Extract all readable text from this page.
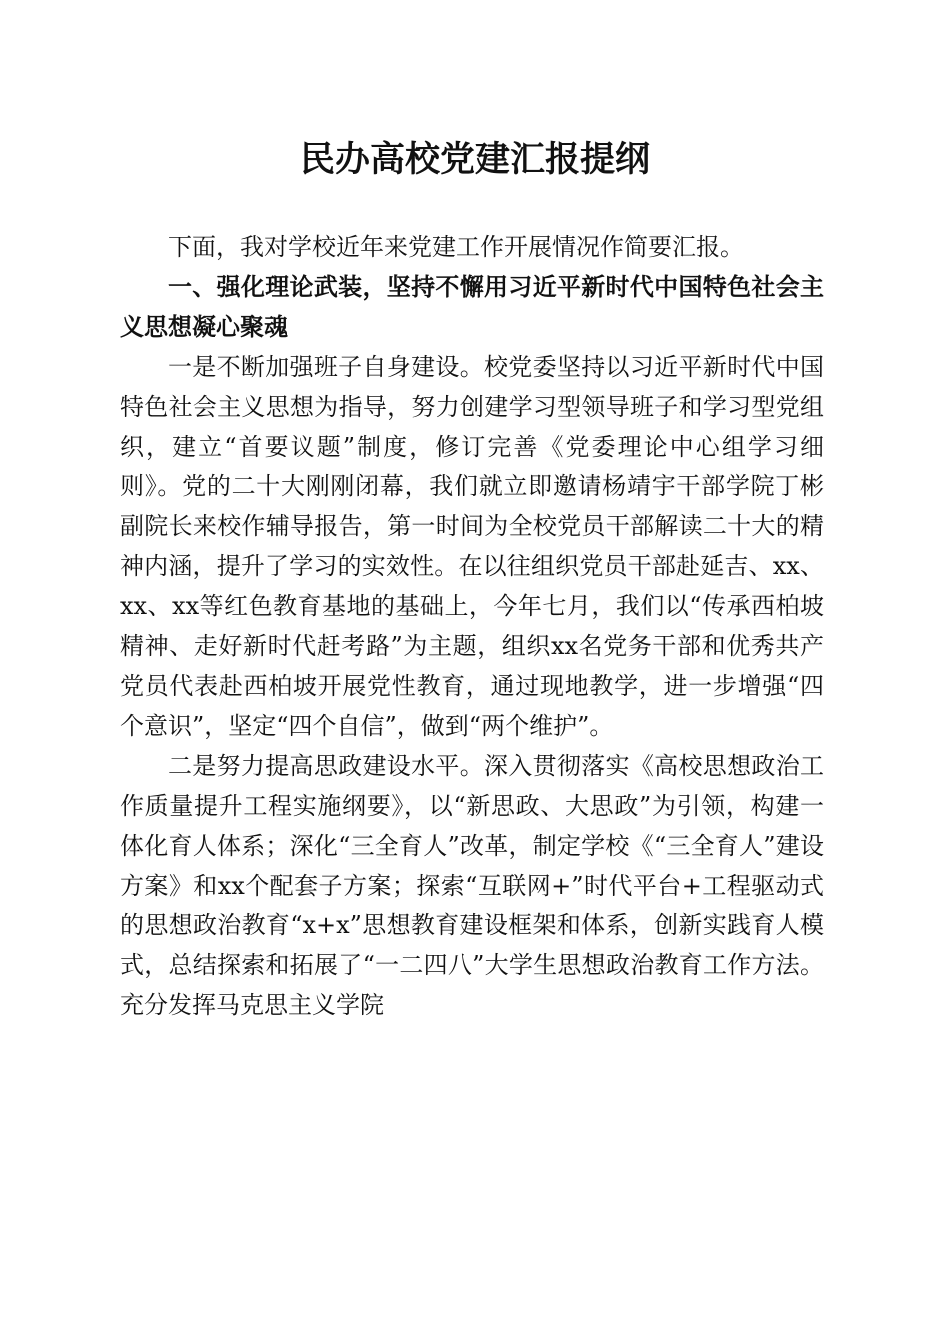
民办高校党建汇报提纲

下面，我对学校近年来党建工作开展情况作简要汇报。

一、强化理论武装，坚持不懈用习近平新时代中国特色社会主义思想凝心聚魂

一是不断加强班子自身建设。校党委坚持以习近平新时代中国特色社会主义思想为指导，努力创建学习型领导班子和学习型党组织，建立“首要议题”制度，修订完善《党委理论中心组学习细则》。党的二十大刚刚闭幕，我们就立即邀请杨靖宇干部学院丁彬副院长来校作辅导报告，第一时间为全校党员干部解读二十大的精神内涵，提升了学习的实效性。在以往组织党员干部赴延吉、xx、xx、xx等红色教育基地的基础上，今年七月，我们以“传承西柏坡精神、走好新时代赶考路”为主题，组织xx名党务干部和优秀共产党员代表赴西柏坡开展党性教育，通过现地教学，进一步增强“四个意识”，坚定“四个自信”，做到“两个维护”。

二是努力提高思政建设水平。深入贯彻落实《高校思想政治工作质量提升工程实施纲要》，以“新思政、大思政”为引领，构建一体化育人体系；深化“三全育人”改革，制定学校《“三全育人”建设方案》和xx个配套子方案；探索“互联网+”时代平台+工程驱动式的思想政治教育“x+x”思想教育建设框架和体系，创新实践育人模式，总结探索和拓展了“一二四八”大学生思想政治教育工作方法。充分发挥马克思主义学院
